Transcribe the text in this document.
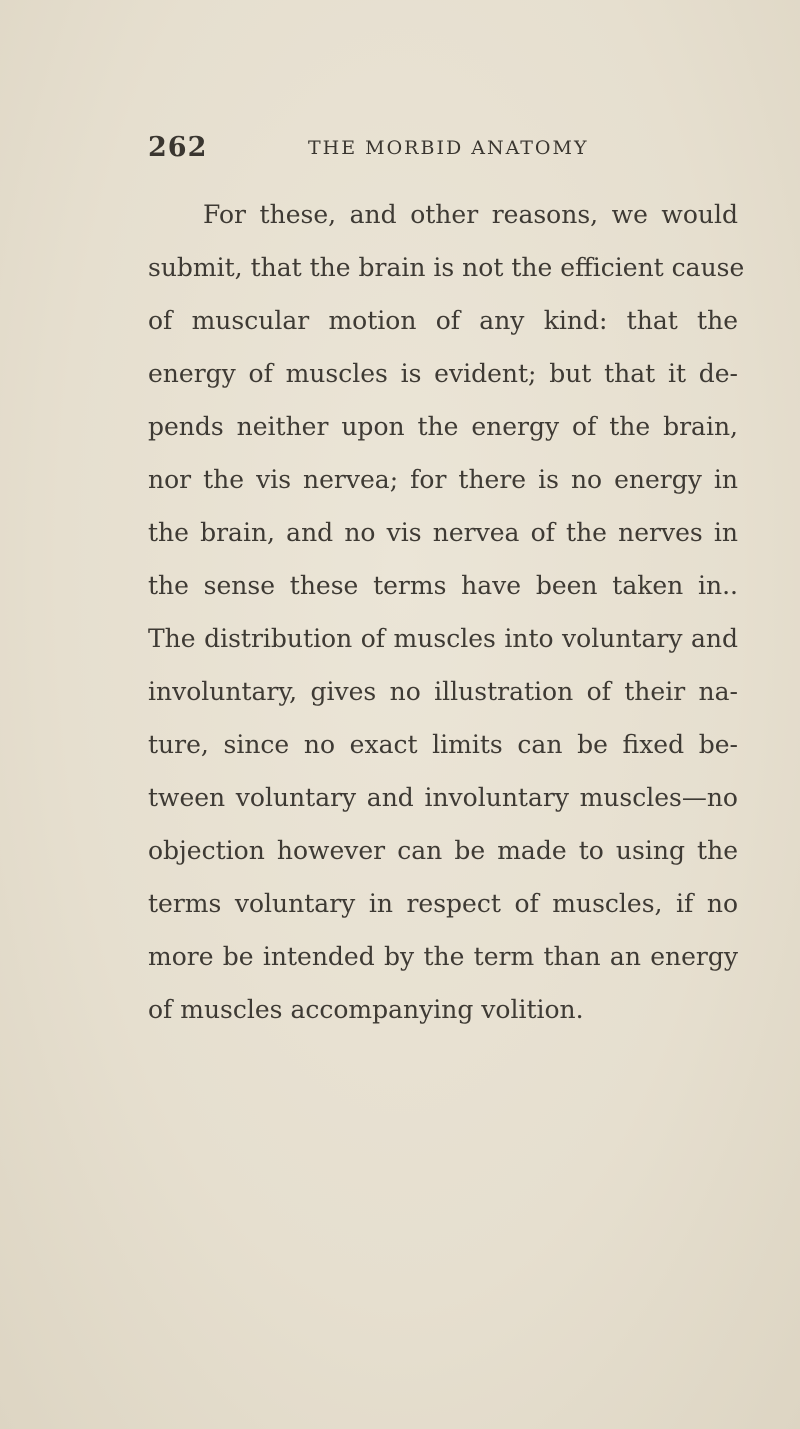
262	THE MORBID ANATOMY
For these, and other reasons, we would
submit, that the brain is not the efficient cause
of muscular motion of any kind: that the
energy of muscles is evident; but that it de-
pends neither upon the energy of the brain,
nor the vis nervea; for there is no energy in
the brain, and no vis nervea of the nerves in
the sense these terms have been taken in..
The distribution of muscles into voluntary and
involuntary, gives no illustration of their na-
ture, since no exact limits can be fixed be-
tween voluntary and involuntary muscles—no
objection however can be made to using the
terms voluntary in respect of muscles, if no
more be intended by the term than an energy
of muscles accompanying volition.
